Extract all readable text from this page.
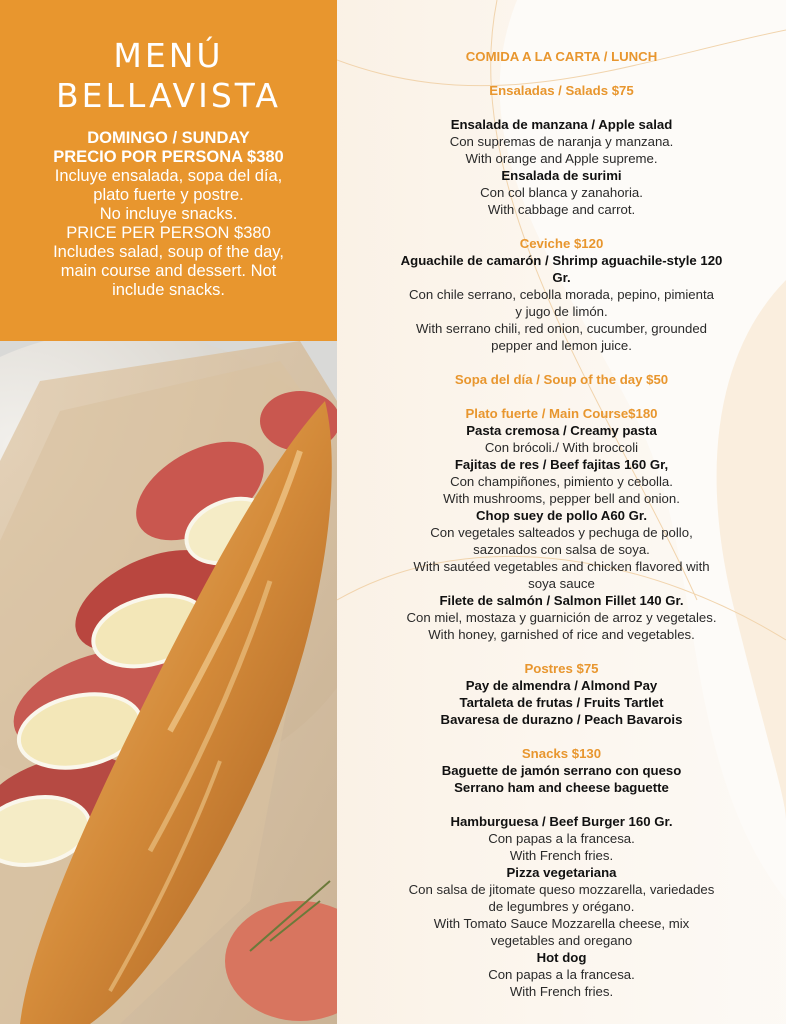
MENÚ
BELLAVISTA
DOMINGO / SUNDAY
PRECIO POR PERSONA $380
Incluye ensalada, sopa del día,
plato fuerte y postre.
No incluye snacks.
PRICE PER PERSON $380
Includes salad, soup of the day,
main course and dessert. Not
include snacks.
COMIDA A LA CARTA / LUNCH
Ensaladas / Salads $75
Ensalada de manzana / Apple salad
Con supremas de naranja y manzana.
With orange and Apple supreme.
Ensalada de surimi
Con col blanca y zanahoria.
With cabbage and carrot.
Ceviche $120
Aguachile de camarón / Shrimp aguachile-style 120
Gr.
Con chile serrano, cebolla morada, pepino, pimienta
y jugo de limón.
With serrano chili, red onion, cucumber, grounded
pepper and lemon juice.
Sopa del día / Soup of the day $50
Plato fuerte / Main Course$180
Pasta cremosa / Creamy pasta
Con brócoli./ With broccoli
Fajitas de res / Beef fajitas 160 Gr,
Con champiñones, pimiento y cebolla.
With mushrooms, pepper bell and onion.
Chop suey de pollo A60 Gr.
Con vegetales salteados y pechuga de pollo,
sazonados con salsa de soya.
With sautéed vegetables and chicken flavored with
soya sauce
Filete de salmón / Salmon Fillet 140 Gr.
Con miel, mostaza y guarnición de arroz y vegetales.
With honey, garnished of rice and vegetables.
Postres $75
Pay de almendra / Almond Pay
Tartaleta de frutas / Fruits Tartlet
Bavaresa de durazno / Peach Bavarois
Snacks $130
Baguette de jamón serrano con queso
Serrano ham and cheese baguette
Hamburguesa / Beef Burger 160 Gr.
Con papas a la francesa.
With French fries.
Pizza vegetariana
Con salsa de jitomate queso mozzarella, variedades
de legumbres y orégano.
With Tomato Sauce Mozzarella cheese, mix
vegetables and oregano
Hot dog
Con papas a la francesa.
With French fries.
